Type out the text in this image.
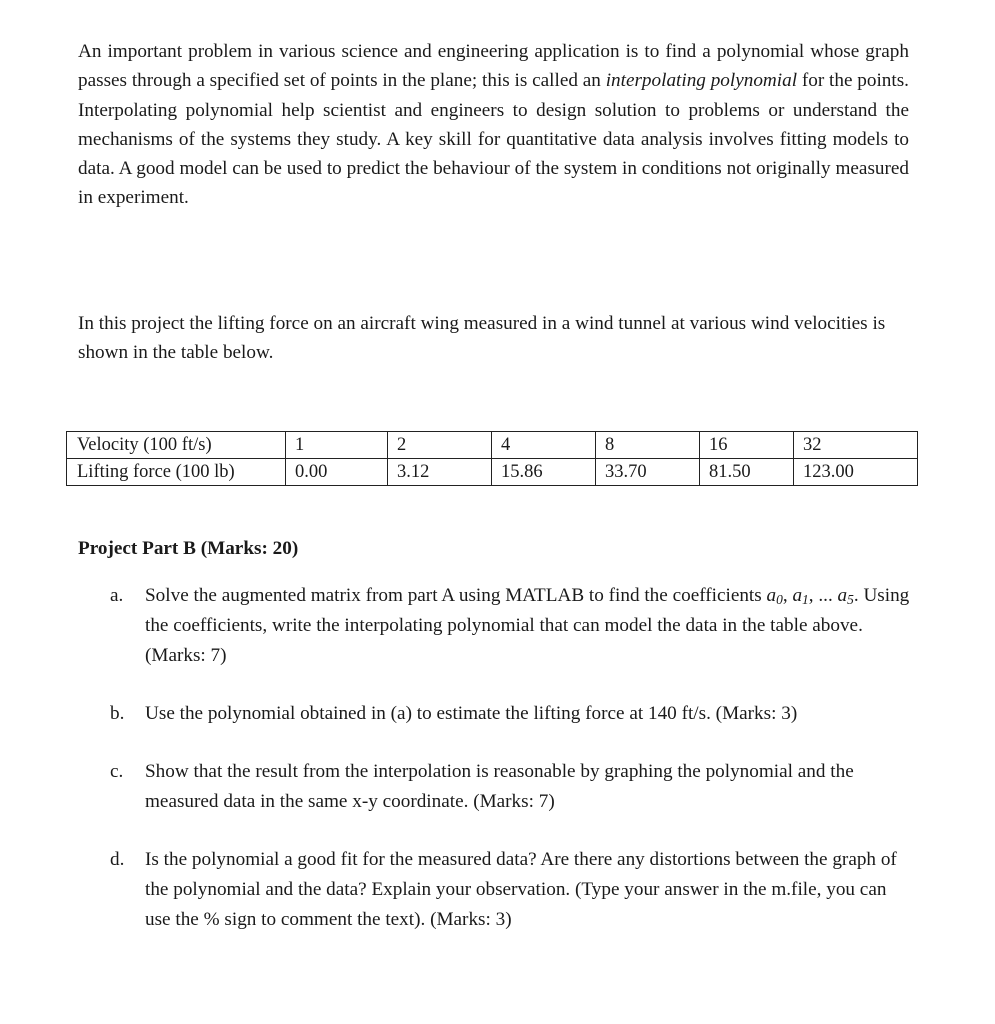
An important problem in various science and engineering application is to find a polynomial whose graph passes through a specified set of points in the plane; this is called an interpolating polynomial for the points. Interpolating polynomial help scientist and engineers to design solution to problems or understand the mechanisms of the systems they study. A key skill for quantitative data analysis involves fitting models to data. A good model can be used to predict the behaviour of the system in conditions not originally measured in experiment.

In this project the lifting force on an aircraft wing measured in a wind tunnel at various wind velocities is shown in the table below.

Velocity (100 ft/s)	1	2	4	8	16	32
Lifting force (100 lb)	0.00	3.12	15.86	33.70	81.50	123.00

Project Part B (Marks: 20)

a. Solve the augmented matrix from part A using MATLAB to find the coefficients $a_0$, $a_1$, ... $a_5$. Using the coefficients, write the interpolating polynomial that can model the data in the table above. (Marks: 7)
b. Use the polynomial obtained in (a) to estimate the lifting force at 140 ft/s. (Marks: 3)
c. Show that the result from the interpolation is reasonable by graphing the polynomial and the measured data in the same x-y coordinate. (Marks: 7)
d. Is the polynomial a good fit for the measured data? Are there any distortions between the graph of the polynomial and the data? Explain your observation. (Type your answer in the m.file, you can use the % sign to comment the text). (Marks: 3)
